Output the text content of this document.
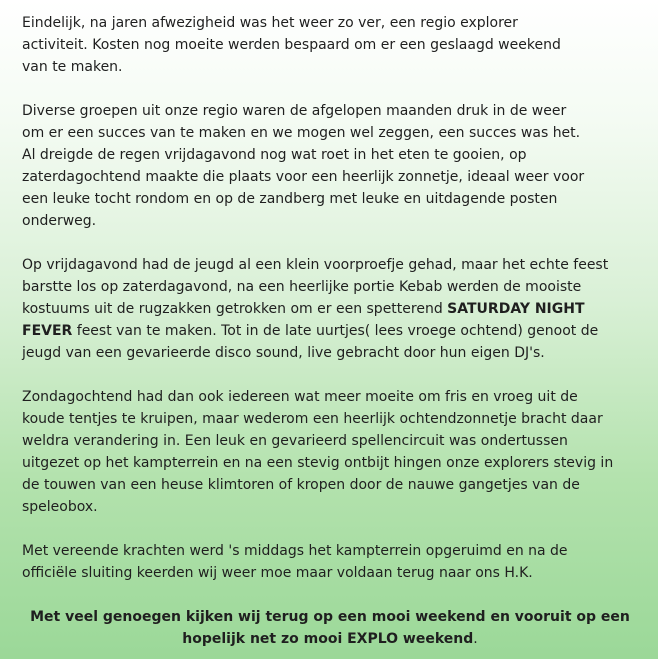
Eindelijk, na jaren afwezigheid was het weer zo ver, een regio explorer
activiteit. Kosten nog moeite werden bespaard om er een geslaagd weekend
van te maken.
Diverse groepen uit onze regio waren de afgelopen maanden druk in de weer
om er een succes van te maken en we mogen wel zeggen, een succes was het.
Al dreigde de regen vrijdagavond nog wat roet in het eten te gooien, op
zaterdagochtend maakte die plaats voor een heerlijk zonnetje, ideaal weer voor
een leuke tocht rondom en op de zandberg met leuke en uitdagende posten
onderweg.
Op vrijdagavond had de jeugd al een klein voorproefje gehad, maar het echte feest
barstte los op zaterdagavond, na een heerlijke portie Kebab werden de mooiste
kostuums uit de rugzakken getrokken om er een spetterend SATURDAY NIGHT
FEVER feest van te maken. Tot in de late uurtjes( lees vroege ochtend) genoot de
jeugd van een gevarieerde disco sound, live gebracht door hun eigen DJ's.
Zondagochtend had dan ook iedereen wat meer moeite om fris en vroeg uit de
koude tentjes te kruipen, maar wederom een heerlijk ochtendzonnetje bracht daar
weldra verandering in. Een leuk en gevarieerd spellencircuit was ondertussen
uitgezet op het kampterrein en na een stevig ontbijt hingen onze explorers stevig in
de touwen van een heuse klimtoren of kropen door de nauwe gangetjes van de
speleobox.
Met vereende krachten werd 's middags het kampterrein opgeruimd en na de
officiële sluiting keerden wij weer moe maar voldaan terug naar ons H.K.
Met veel genoegen kijken wij terug op een mooi weekend en vooruit op een
hopelijk net zo mooi EXPLO weekend.
